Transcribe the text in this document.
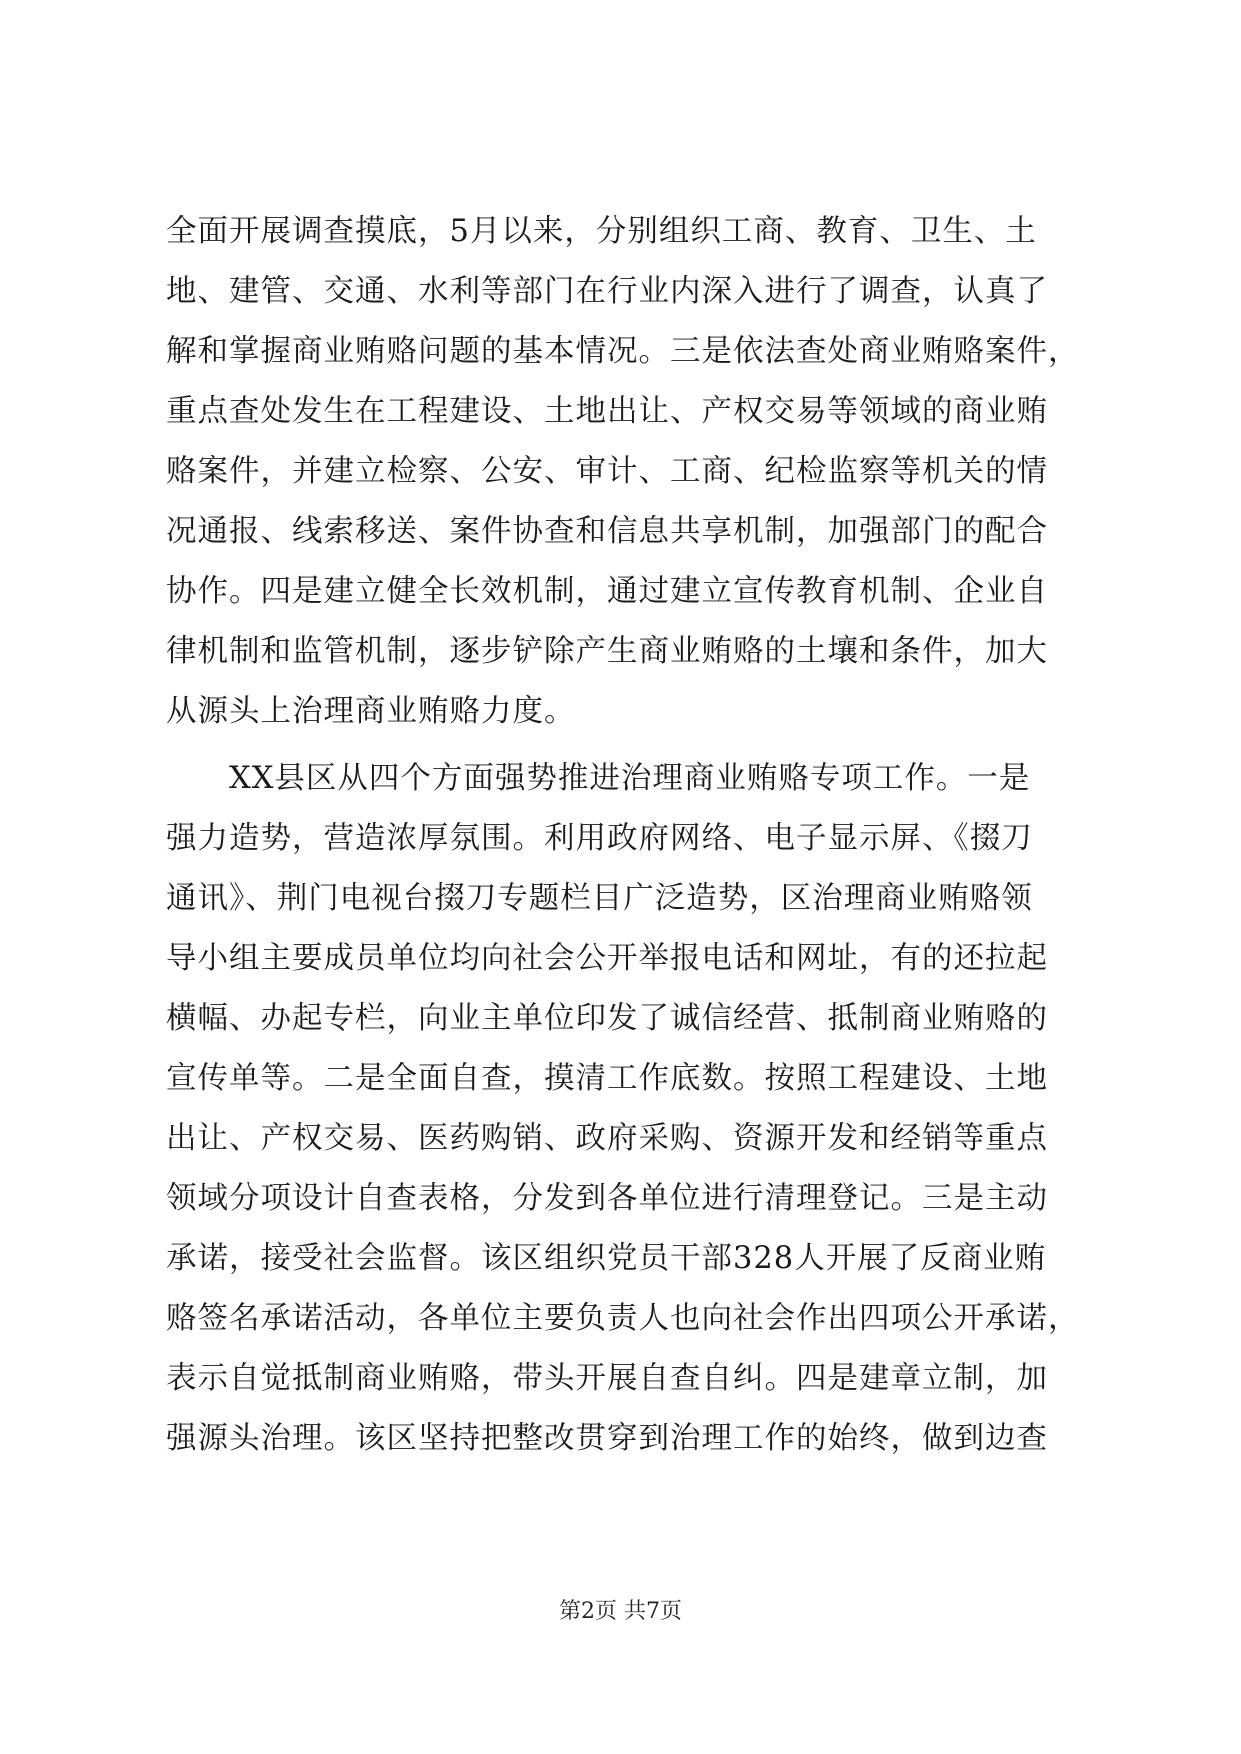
全面开展调查摸底，5月以来，分别组织工商、教育、卫生、土
地、建管、交通、水利等部门在行业内深入进行了调查，认真了
解和掌握商业贿赂问题的基本情况。三是依法查处商业贿赂案件，
重点查处发生在工程建设、土地出让、产权交易等领域的商业贿
赂案件，并建立检察、公安、审计、工商、纪检监察等机关的情
况通报、线索移送、案件协查和信息共享机制，加强部门的配合
协作。四是建立健全长效机制，通过建立宣传教育机制、企业自
律机制和监管机制，逐步铲除产生商业贿赂的土壤和条件，加大
从源头上治理商业贿赂力度。
　　XX县区从四个方面强势推进治理商业贿赂专项工作。一是
强力造势，营造浓厚氛围。利用政府网络、电子显示屏、《掇刀
通讯》、荆门电视台掇刀专题栏目广泛造势，区治理商业贿赂领
导小组主要成员单位均向社会公开举报电话和网址，有的还拉起
横幅、办起专栏，向业主单位印发了诚信经营、抵制商业贿赂的
宣传单等。二是全面自查，摸清工作底数。按照工程建设、土地
出让、产权交易、医药购销、政府采购、资源开发和经销等重点
领域分项设计自查表格，分发到各单位进行清理登记。三是主动
承诺，接受社会监督。该区组织党员干部328人开展了反商业贿
赂签名承诺活动，各单位主要负责人也向社会作出四项公开承诺，
表示自觉抵制商业贿赂，带头开展自查自纠。四是建章立制，加
强源头治理。该区坚持把整改贯穿到治理工作的始终，做到边查
第2页 共7页
